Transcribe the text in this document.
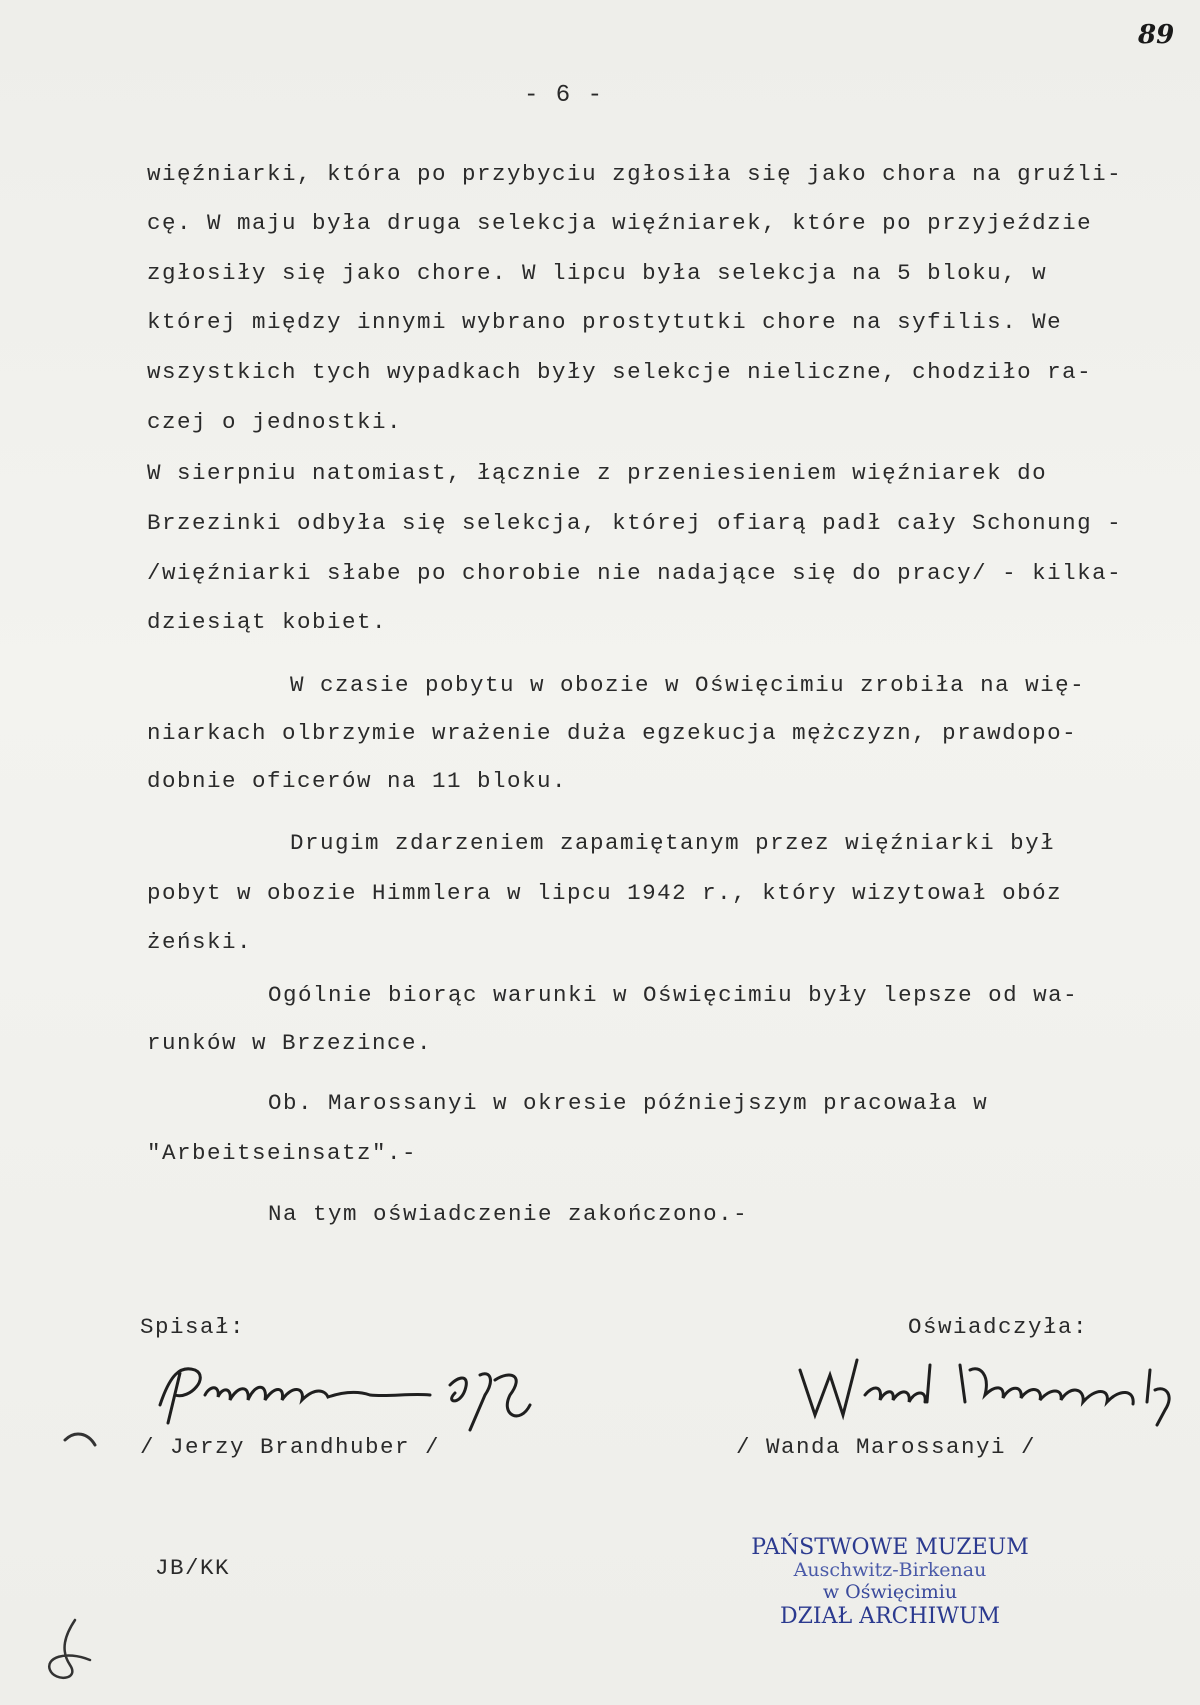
89
- 6 -
więźniarki, która po przybyciu zgłosiła się jako chora na gruźli-
cę. W maju była druga selekcja więźniarek, które po przyjeździe
zgłosiły się jako chore. W lipcu była selekcja na 5 bloku, w
której między innymi wybrano prostytutki chore na syfilis. We
wszystkich tych wypadkach były selekcje nieliczne, chodziło ra-
czej o jednostki.
W sierpniu natomiast, łącznie z przeniesieniem więźniarek do
Brzezinki odbyła się selekcja, której ofiarą padł cały Schonung -
/więźniarki słabe po chorobie nie nadające się do pracy/ - kilka-
dziesiąt kobiet.
W czasie pobytu w obozie w Oświęcimiu zrobiła na wię-
niarkach olbrzymie wrażenie duża egzekucja mężczyzn, prawdopo-
dobnie oficerów na 11 bloku.
Drugim zdarzeniem zapamiętanym przez więźniarki był
pobyt w obozie Himmlera w lipcu 1942 r., który wizytował obóz
żeński.
Ogólnie biorąc warunki w Oświęcimiu były lepsze od wa-
runków w Brzezince.
Ob. Marossanyi w okresie późniejszym pracowała w
"Arbeitseinsatz".-
Na tym oświadczenie zakończono.-
Spisał:	Oświadczyła:
/ Jerzy Brandhuber /	/ Wanda Marossanyi /
JB/KK
PAŃSTWOWE MUZEUM
Auschwitz-Birkenau
w Oświęcimiu
DZIAŁ ARCHIWUM
